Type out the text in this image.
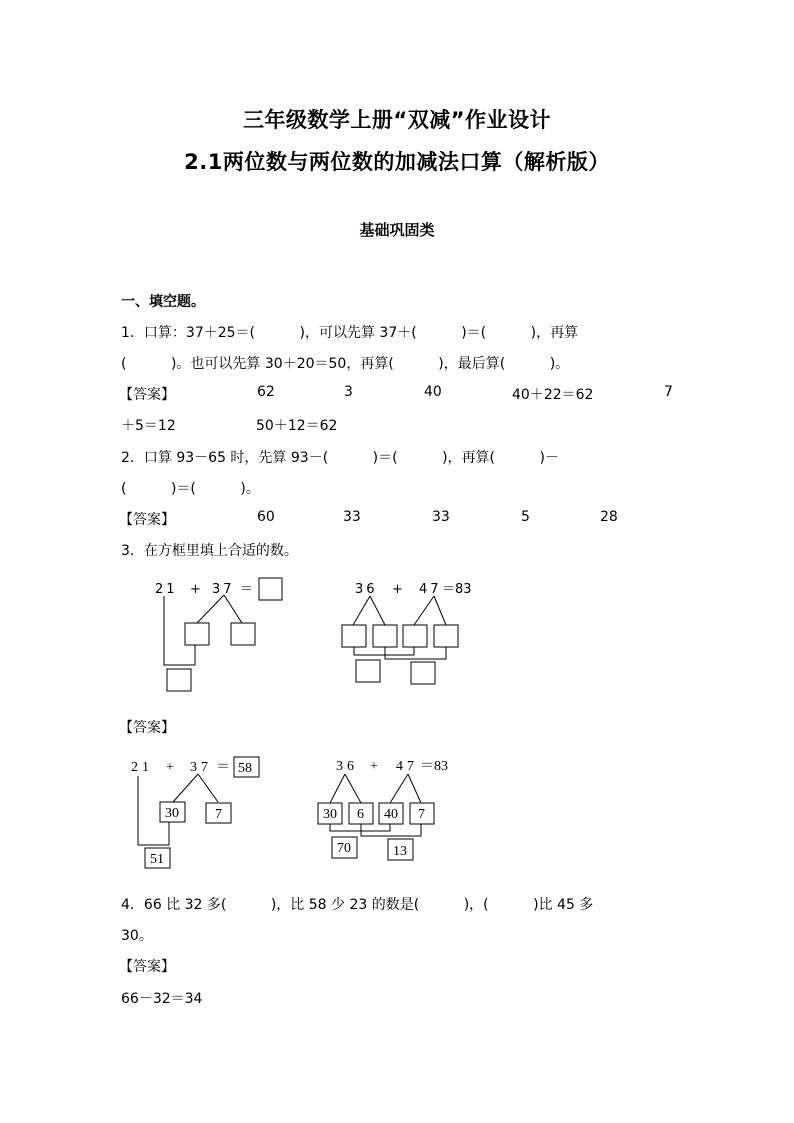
三年级数学上册“双减”作业设计
2.1两位数与两位数的加减法口算（解析版）
基础巩固类
一、填空题。
1．口算：37＋25＝(          )，可以先算 37＋(          )＝(          )，再算
(          )。也可以先算 30＋20＝50，再算(          )，最后算(          )。
【答案】	62	3	40	40＋22＝62	7
＋5＝12	50＋12＝62
2．口算 93－65 时，先算 93－(          )＝(          )，再算(          )－
(          )＝(          )。
【答案】	60	33	33	5	28
3．在方框里填上合适的数。
21 + 37 ＝	36 + 47 ＝83
【答案】
21 + 37 ＝ 58
30	7
51
36 + 47 ＝83
30 6 40 7
70	13
4．66 比 32 多(          )，比 58 少 23 的数是(          )，(          )比 45 多
30。
【答案】
66－32＝34
